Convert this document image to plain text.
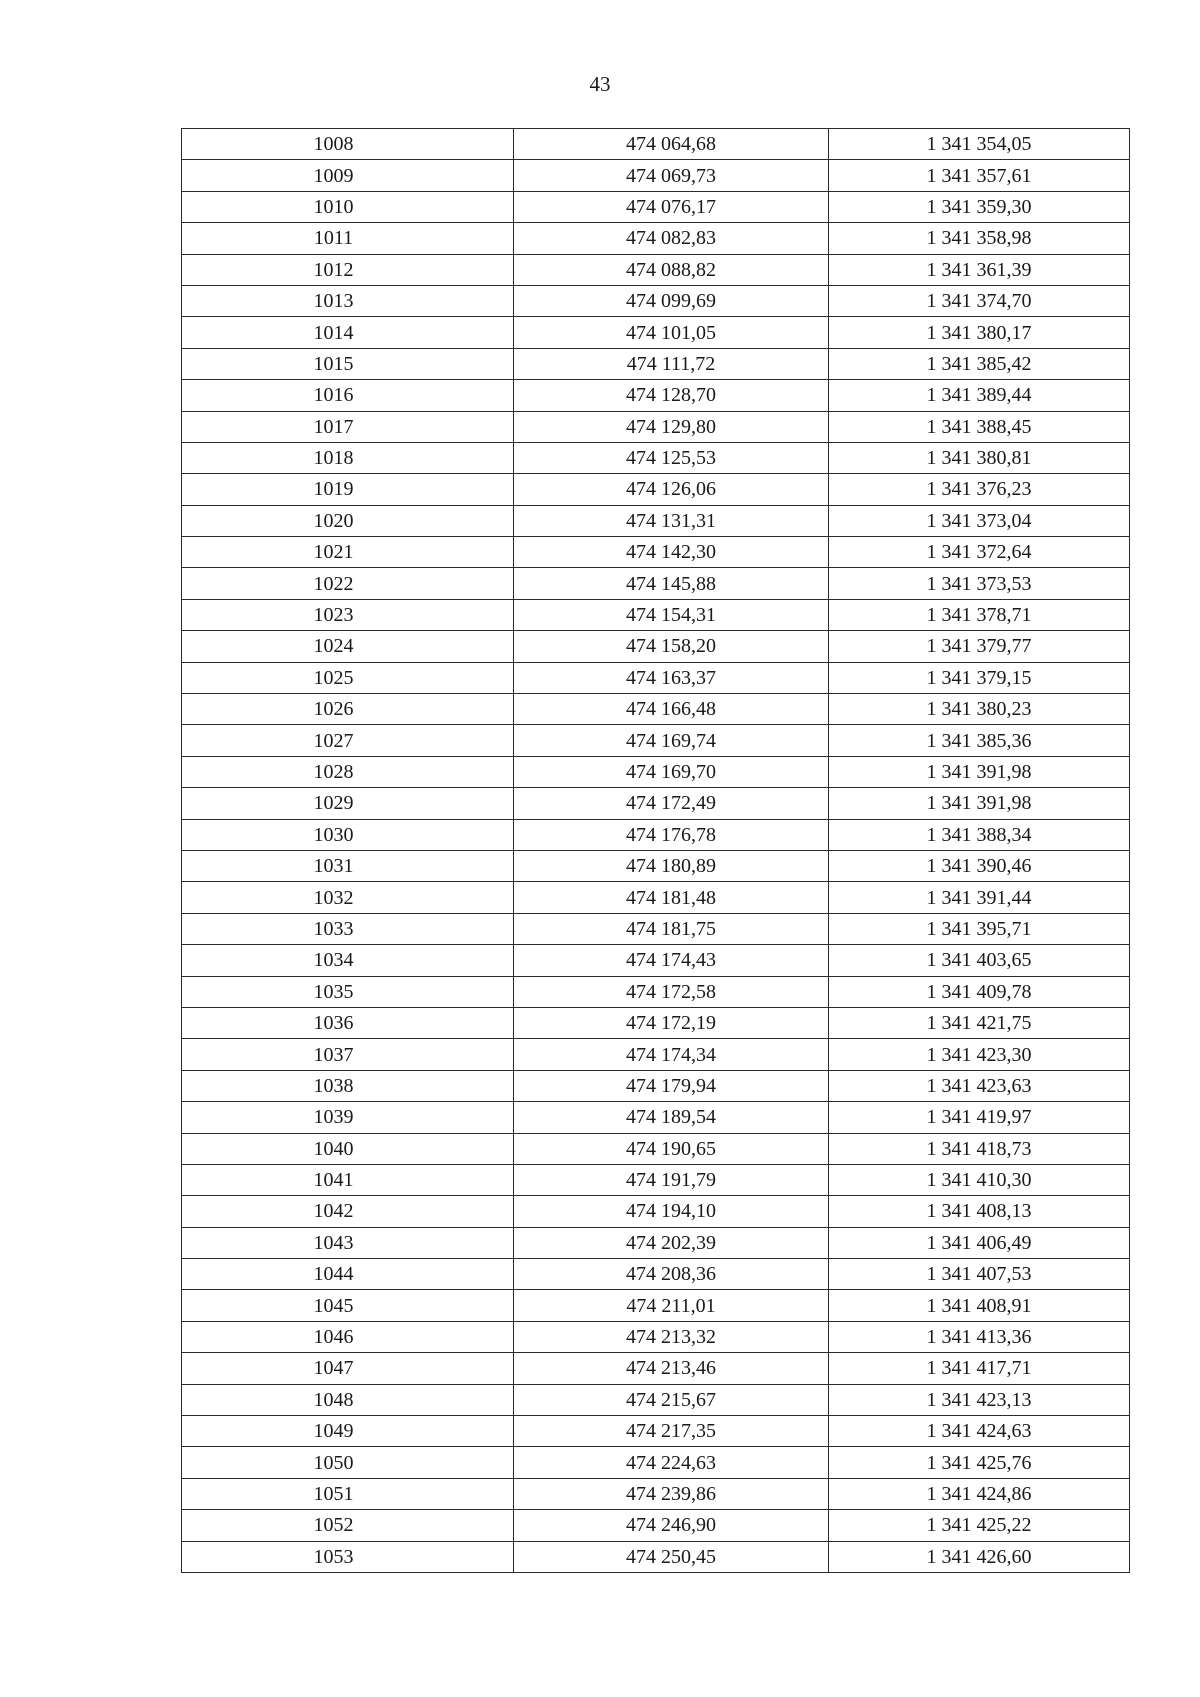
43
1008	474 064,68	1 341 354,05
1009	474 069,73	1 341 357,61
1010	474 076,17	1 341 359,30
1011	474 082,83	1 341 358,98
1012	474 088,82	1 341 361,39
1013	474 099,69	1 341 374,70
1014	474 101,05	1 341 380,17
1015	474 111,72	1 341 385,42
1016	474 128,70	1 341 389,44
1017	474 129,80	1 341 388,45
1018	474 125,53	1 341 380,81
1019	474 126,06	1 341 376,23
1020	474 131,31	1 341 373,04
1021	474 142,30	1 341 372,64
1022	474 145,88	1 341 373,53
1023	474 154,31	1 341 378,71
1024	474 158,20	1 341 379,77
1025	474 163,37	1 341 379,15
1026	474 166,48	1 341 380,23
1027	474 169,74	1 341 385,36
1028	474 169,70	1 341 391,98
1029	474 172,49	1 341 391,98
1030	474 176,78	1 341 388,34
1031	474 180,89	1 341 390,46
1032	474 181,48	1 341 391,44
1033	474 181,75	1 341 395,71
1034	474 174,43	1 341 403,65
1035	474 172,58	1 341 409,78
1036	474 172,19	1 341 421,75
1037	474 174,34	1 341 423,30
1038	474 179,94	1 341 423,63
1039	474 189,54	1 341 419,97
1040	474 190,65	1 341 418,73
1041	474 191,79	1 341 410,30
1042	474 194,10	1 341 408,13
1043	474 202,39	1 341 406,49
1044	474 208,36	1 341 407,53
1045	474 211,01	1 341 408,91
1046	474 213,32	1 341 413,36
1047	474 213,46	1 341 417,71
1048	474 215,67	1 341 423,13
1049	474 217,35	1 341 424,63
1050	474 224,63	1 341 425,76
1051	474 239,86	1 341 424,86
1052	474 246,90	1 341 425,22
1053	474 250,45	1 341 426,60
